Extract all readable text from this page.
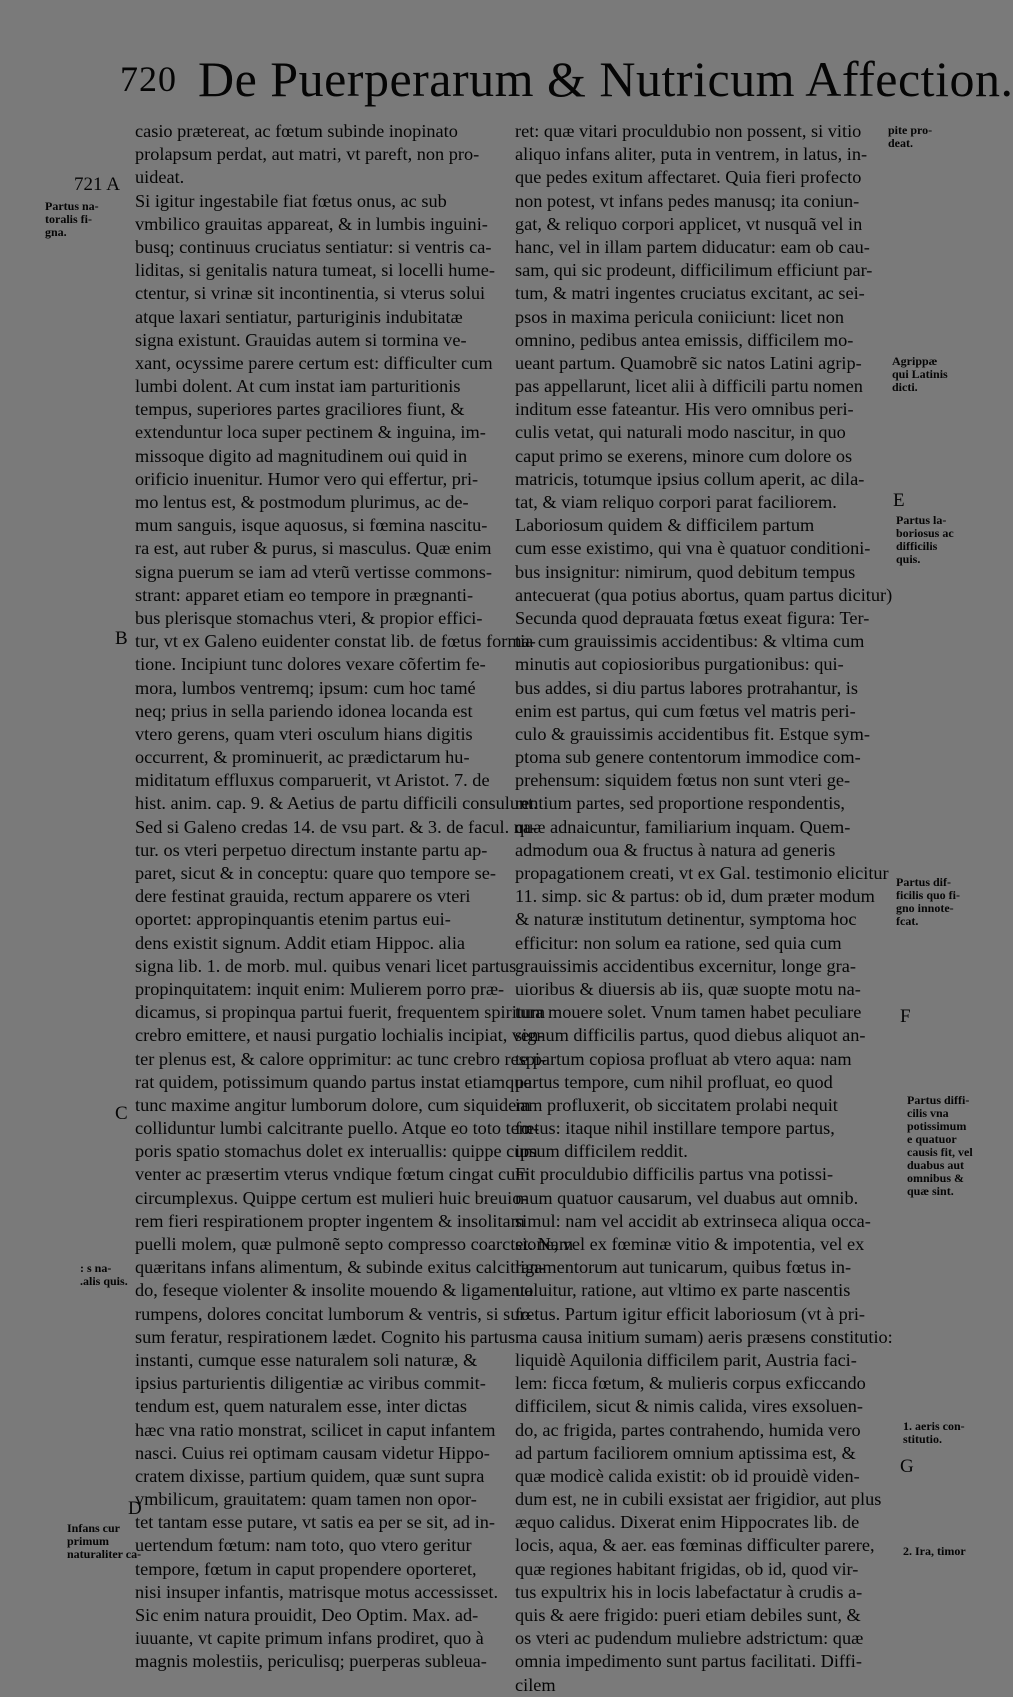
720 De Puerperarum & Nutricum Affection.
casio prætereat, ac fœtum subinde inopinato
prolapsum perdat, aut matri, vt pareft, non pro-
uideat.
Si igitur ingestabile fiat fœtus onus, ac sub
vmbilico grauitas appareat, & in lumbis inguini-
busq; continuus cruciatus sentiatur: si ventris ca-
liditas, si genitalis natura tumeat, si locelli hume-
ctentur, si vrinæ sit incontinentia, si vterus solui
atque laxari sentiatur, parturiginis indubitatæ
signa existunt. Grauidas autem si tormina ve-
xant, ocyssime parere certum est: difficulter cum
lumbi dolent. At cum instat iam parturitionis
tempus, superiores partes graciliores fiunt, &
extenduntur loca super pectinem & inguina, im-
missoque digito ad magnitudinem oui quid in
orificio inuenitur. Humor vero qui effertur, pri-
mo lentus est, & postmodum plurimus, ac de-
mum sanguis, isque aquosus, si fœmina nascitu-
ra est, aut ruber & purus, si masculus. Quæ enim
signa puerum se iam ad vterũ vertisse commons-
strant: apparet etiam eo tempore in prægnanti-
bus plerisque stomachus vteri, & propior effici-
tur, vt ex Galeno euidenter constat lib. de fœtus forma-
tione. Incipiunt tunc dolores vexare cõfertim fe-
mora, lumbos ventremq; ipsum: cum hoc tamé
neq; prius in sella pariendo idonea locanda est
vtero gerens, quam vteri osculum hians digitis
occurrent, & prominuerit, ac prædictarum hu-
miditatum effluxus comparuerit, vt Aristot. 7. de
hist. anim. cap. 9. & Aetius de partu difficili consulunt.
Sed si Galeno credas 14. de vsu part. & 3. de facul. na-
tur. os vteri perpetuo directum instante partu ap-
paret, sicut & in conceptu: quare quo tempore se-
dere festinat grauida, rectum apparere os vteri
oportet: appropinquantis etenim partus eui-
dens existit signum. Addit etiam Hippoc. alia
signa lib. 1. de morb. mul. quibus venari licet partus
propinquitatem: inquit enim: Mulierem porro præ-
dicamus, si propinqua partui fuerit, frequentem spiritum
crebro emittere, et nausi purgatio lochialis incipiat, ven-
ter plenus est, & calore opprimitur: ac tunc crebro respi-
rat quidem, potissimum quando partus instat etiamque
tunc maxime angitur lumborum dolore, cum siquidem
colliduntur lumbi calcitrante puello. Atque eo toto tem-
poris spatio stomachus dolet ex interuallis: quippe cum
venter ac præsertim vterus vndique fœtum cingat cum
circumplexus. Quippe certum est mulieri huic breuio-
rem fieri respirationem propter ingentem & insolitam
puelli molem, quæ pulmonẽ septo compresso coarctet. Nam
quæritans infans alimentum, & subinde exitus calcitran-
do, feseque violenter & insolite mouendo & ligamenta
rumpens, dolores concitat lumborum & ventris, si sur-
sum feratur, respirationem lædet. Cognito his partus
instanti, cumque esse naturalem soli naturæ, &
ipsius parturientis diligentiæ ac viribus commit-
tendum est, quem naturalem esse, inter dictas
hæc vna ratio monstrat, scilicet in caput infantem
nasci. Cuius rei optimam causam videtur Hippo-
cratem dixisse, partium quidem, quæ sunt supra
vmbilicum, grauitatem: quam tamen non opor-
tet tantam esse putare, vt satis ea per se sit, ad in-
uertendum fœtum: nam toto, quo vtero geritur
tempore, fœtum in caput propendere oporteret,
nisi insuper infantis, matrisque motus accessisset.
Sic enim natura prouidit, Deo Optim. Max. ad-
iuuante, vt capite primum infans prodiret, quo à
magnis molestiis, periculisq; puerperas subleua-
ret: quæ vitari proculdubio non possent, si vitio
aliquo infans aliter, puta in ventrem, in latus, in-
que pedes exitum affectaret. Quia fieri profecto
non potest, vt infans pedes manusq; ita coniun-
gat, & reliquo corpori applicet, vt nusquã vel in
hanc, vel in illam partem diducatur: eam ob cau-
sam, qui sic prodeunt, difficilimum efficiunt par-
tum, & matri ingentes cruciatus excitant, ac sei-
psos in maxima pericula coniiciunt: licet non
omnino, pedibus antea emissis, difficilem mo-
ueant partum. Quamobrẽ sic natos Latini agrip-
pas appellarunt, licet alii à difficili partu nomen
inditum esse fateantur. His vero omnibus peri-
culis vetat, qui naturali modo nascitur, in quo
caput primo se exerens, minore cum dolore os
matricis, totumque ipsius collum aperit, ac dila-
tat, & viam reliquo corpori parat faciliorem.
Laboriosum quidem & difficilem partum
cum esse existimo, qui vna è quatuor conditioni-
bus insignitur: nimirum, quod debitum tempus
antecuerat (qua potius abortus, quam partus dicitur)
Secunda quod deprauata fœtus exeat figura: Ter-
tia cum grauissimis accidentibus: & vltima cum
minutis aut copiosioribus purgationibus: qui-
bus addes, si diu partus labores protrahantur, is
enim est partus, qui cum fœtus vel matris peri-
culo & grauissimis accidentibus fit. Estque sym-
ptoma sub genere contentorum immodice com-
prehensum: siquidem fœtus non sunt vteri ge-
rentium partes, sed proportione respondentis,
quæ adnaicuntur, familiarium inquam. Quem-
admodum oua & fructus à natura ad generis
propagationem creati, vt ex Gal. testimonio elicitur
11. simp. sic & partus: ob id, dum præter modum
& naturæ institutum detinentur, symptoma hoc
efficitur: non solum ea ratione, sed quia cum
grauissimis accidentibus excernitur, longe gra-
uioribus & diuersis ab iis, quæ suopte motu na-
tura mouere solet. Vnum tamen habet peculiare
signum difficilis partus, quod diebus aliquot an-
te partum copiosa profluat ab vtero aqua: nam
partus tempore, cum nihil profluat, eo quod
iam profluxerit, ob siccitatem prolabi nequit
fœtus: itaque nihil instillare tempore partus,
ipsum difficilem reddit.
Fit proculdubio difficilis partus vna potissi-
mum quatuor causarum, vel duabus aut omnib.
simul: nam vel accidit ab extrinseca aliqua occa-
sione, vel ex fœminæ vitio & impotentia, vel ex
ligamentorum aut tunicarum, quibus fœtus in-
uoluitur, ratione, aut vltimo ex parte nascentis
fœtus. Partum igitur efficit laboriosum (vt à pri-
ma causa initium sumam) aeris præsens constitutio:
liquidè Aquilonia difficilem parit, Austria faci-
lem: ficca fœtum, & mulieris corpus exficcando
difficilem, sicut & nimis calida, vires exsoluen-
do, ac frigida, partes contrahendo, humida vero
ad partum faciliorem omnium aptissima est, &
quæ modicè calida existit: ob id prouidè viden-
dum est, ne in cubili exsistat aer frigidior, aut plus
æquo calidus. Dixerat enim Hippocrates lib. de
locis, aqua, & aer. eas fœminas difficulter parere,
quæ regiones habitant frigidas, ob id, quod vir-
tus expultrix his in locis labefactatur à crudis a-
quis & aere frigido: pueri etiam debiles sunt, &
os vteri ac pudendum muliebre adstrictum: quæ
omnia impedimento sunt partus facilitati. Diffi-
cilem
721 A
Partus na-
toralis fi-
gna.
B
C
: s na-
.alis quis.
D
Infans cur
primum
naturaliter ca-
pite pro-
deat.
Agrippæ
qui Latinis
dicti.
E
Partus la-
boriosus ac
difficilis
quis.
Partus dif-
ficilis quo fi-
gno innote-
fcat.
F
Partus diffi-
cilis vna
potissimum
e quatuor
causis fit, vel
duabus aut
omnibus &
quæ sint.
1. aeris con-
stitutio.
G
2. Ira, timor
